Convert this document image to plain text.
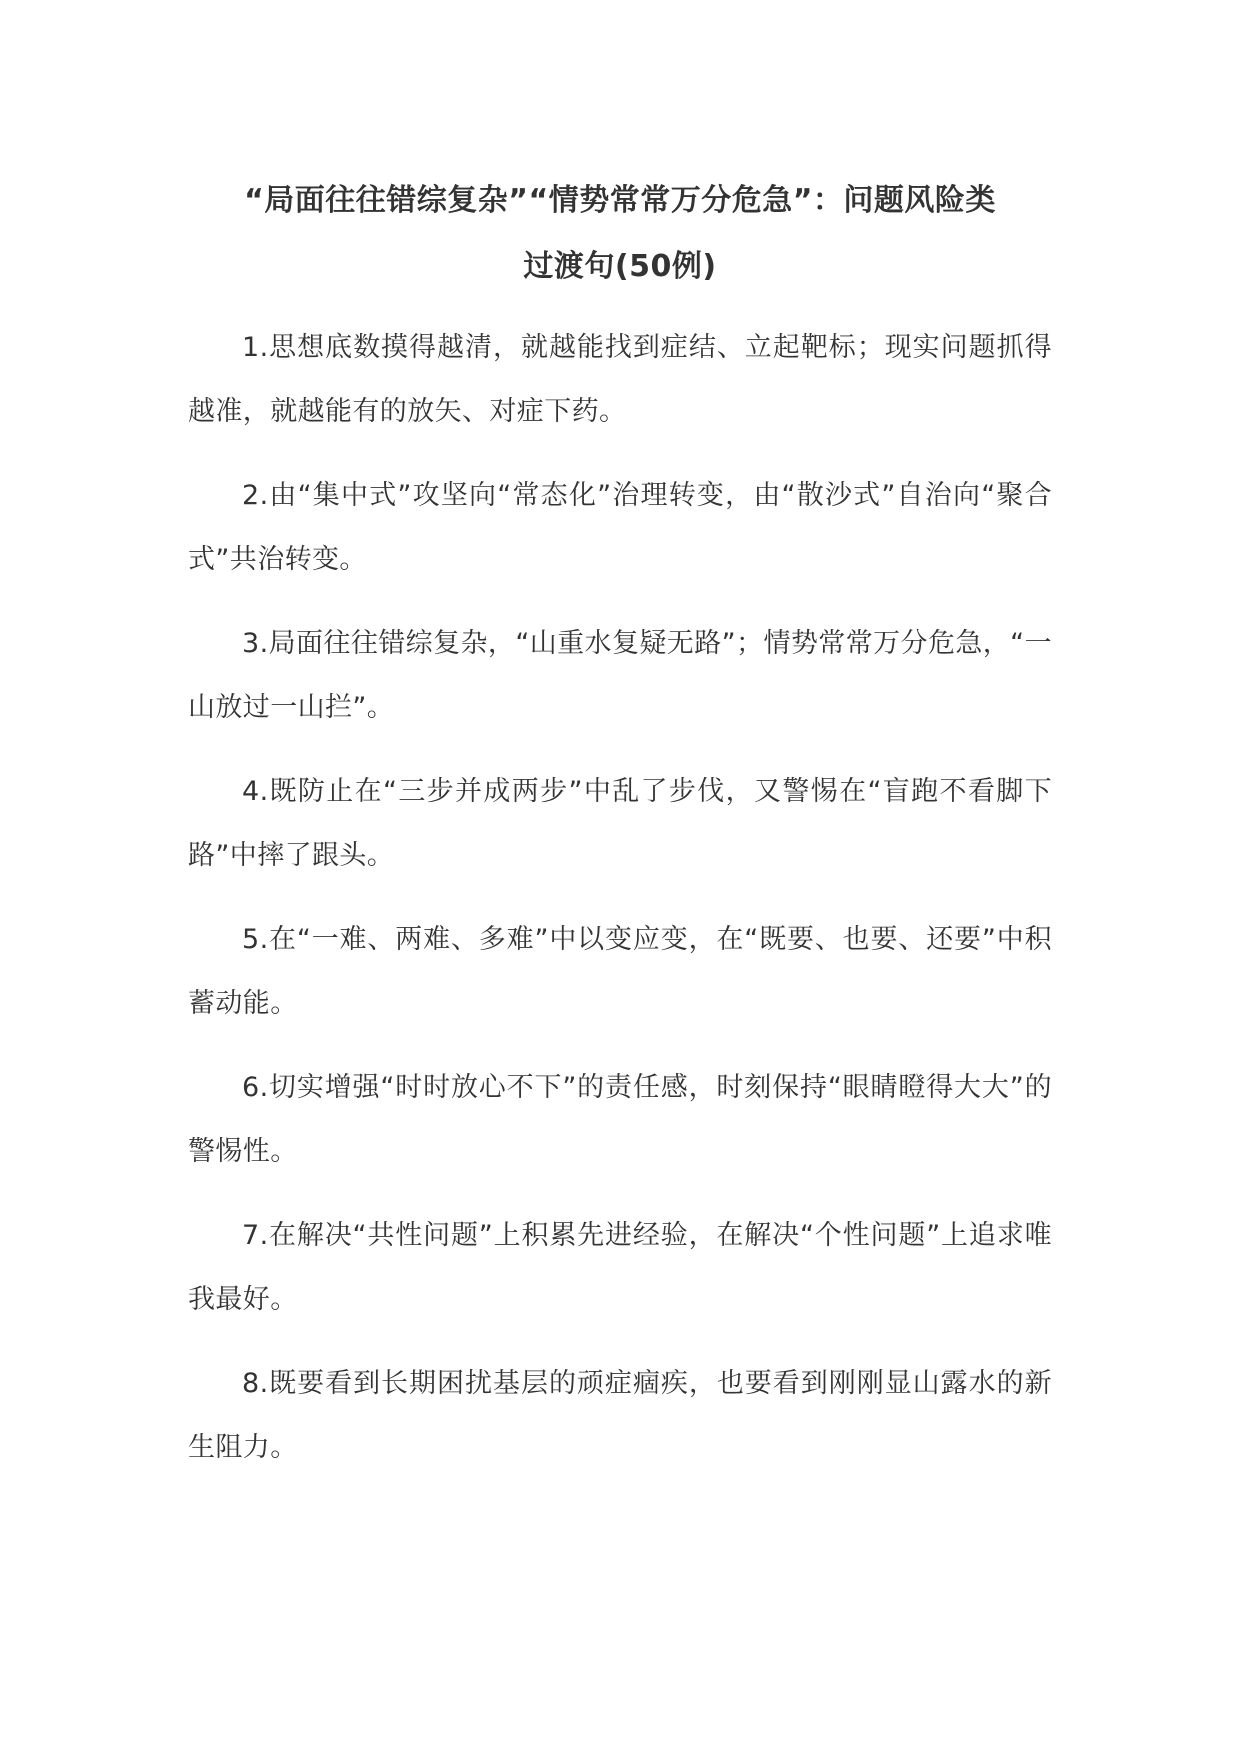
“局面往往错综复杂”“情势常常万分危急”：问题风险类
过渡句(50例)

1.思想底数摸得越清，就越能找到症结、立起靶标；现实问题抓得越准，就越能有的放矢、对症下药。

2.由“集中式”攻坚向“常态化”治理转变，由“散沙式”自治向“聚合式”共治转变。

3.局面往往错综复杂，“山重水复疑无路”；情势常常万分危急，“一山放过一山拦”。

4.既防止在“三步并成两步”中乱了步伐，又警惕在“盲跑不看脚下路”中摔了跟头。

5.在“一难、两难、多难”中以变应变，在“既要、也要、还要”中积蓄动能。

6.切实增强“时时放心不下”的责任感，时刻保持“眼睛瞪得大大”的警惕性。

7.在解决“共性问题”上积累先进经验，在解决“个性问题”上追求唯我最好。

8.既要看到长期困扰基层的顽症痼疾，也要看到刚刚显山露水的新生阻力。
